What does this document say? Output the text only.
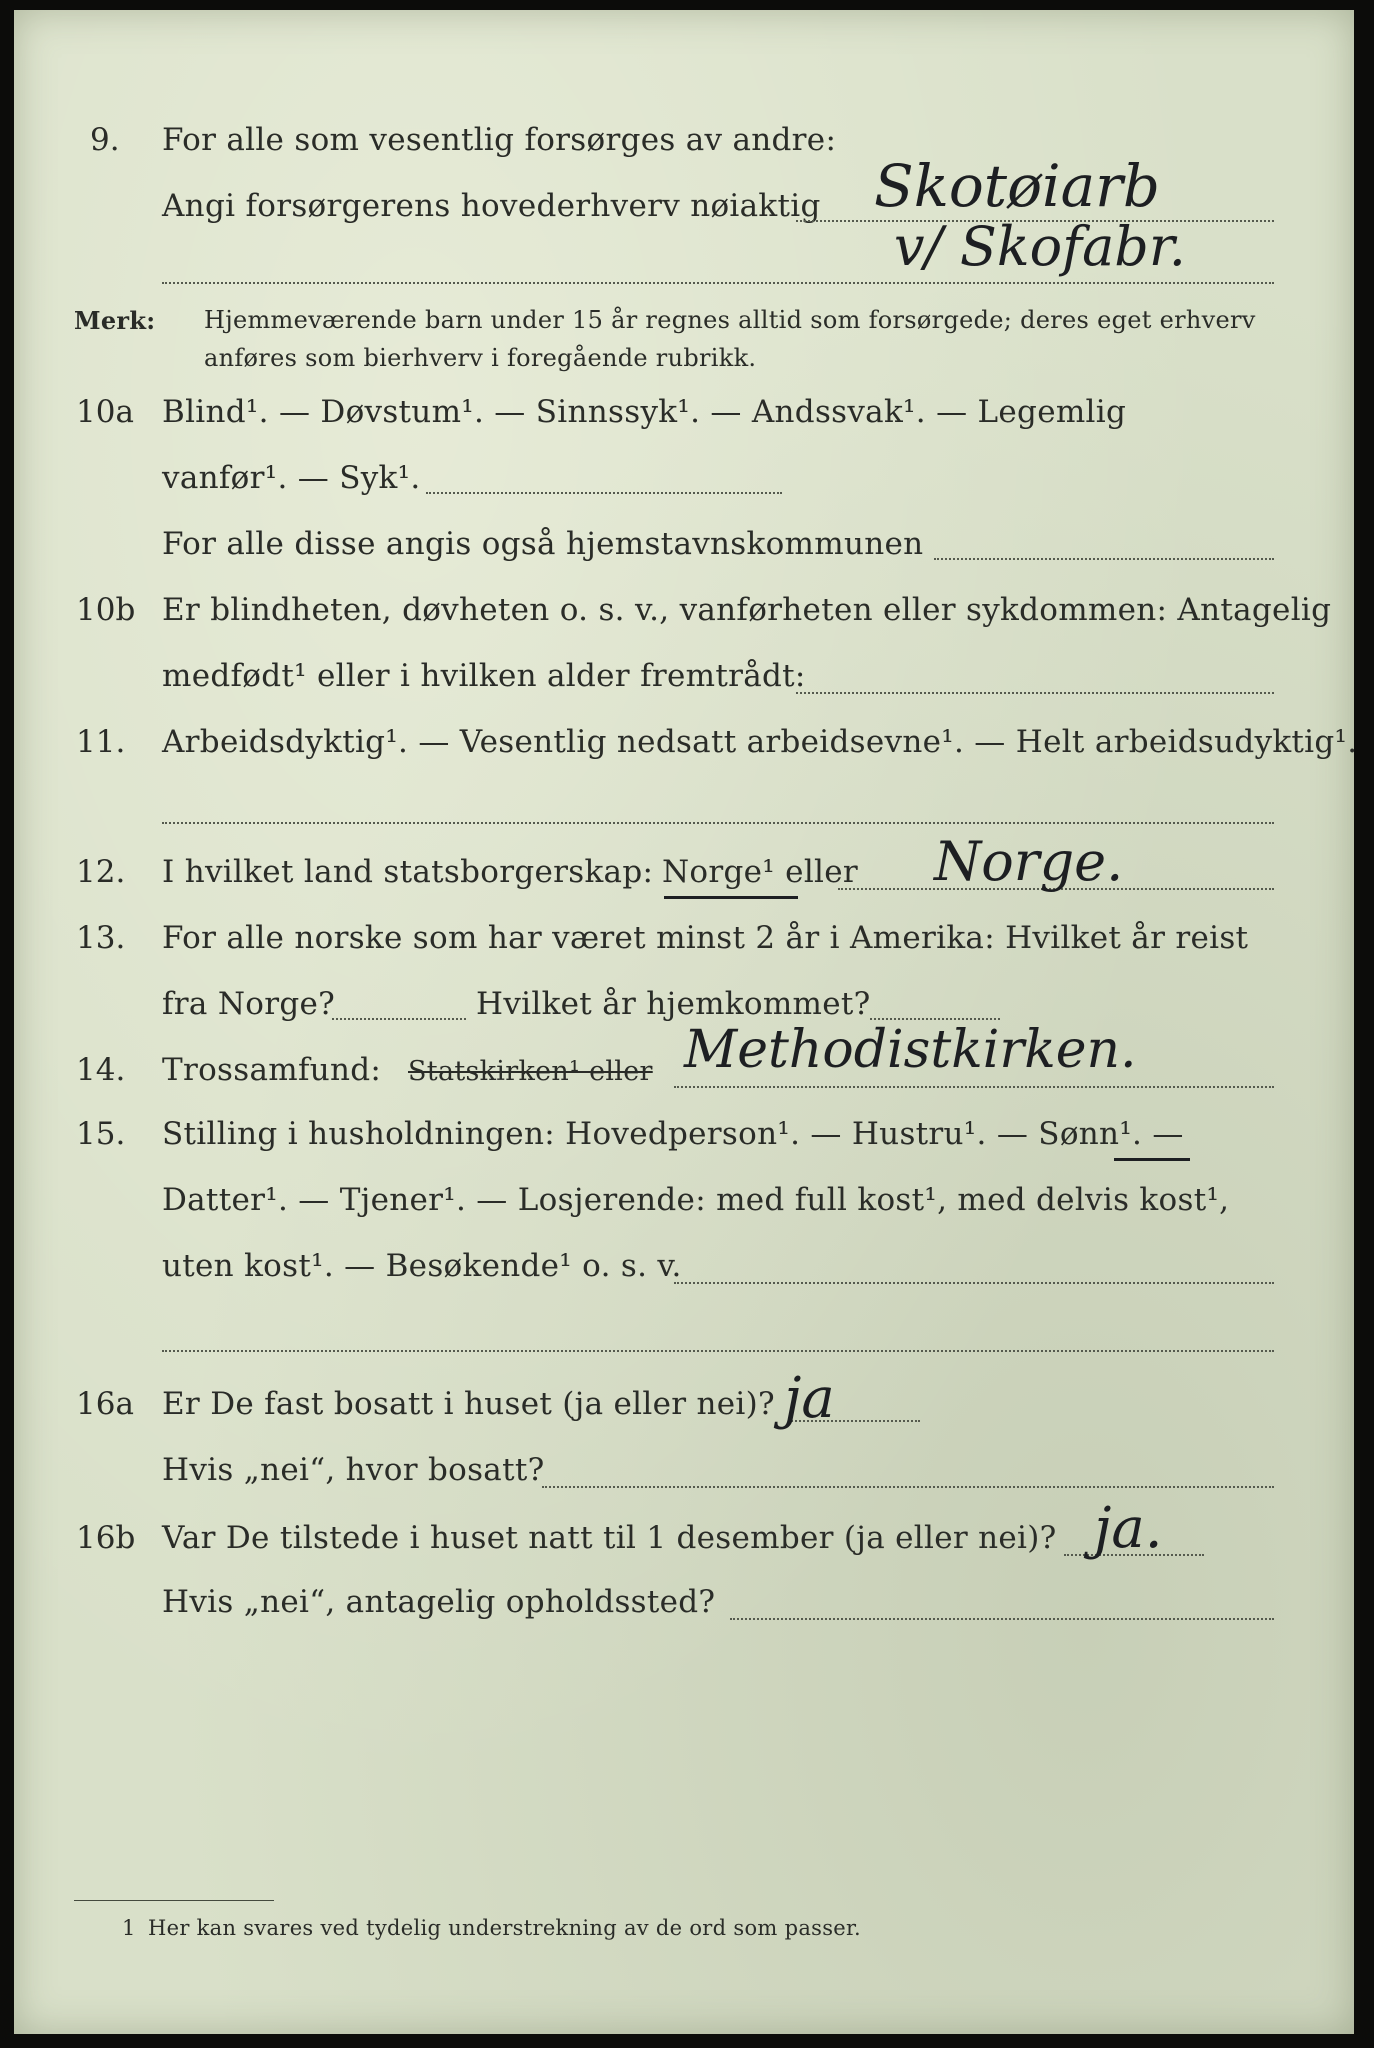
9. For alle som vesentlig forsørges av andre:
Skotøiarb
Angi forsørgerens hovederhverv nøiaktig
v/ Skofabr.
Merk: Hjemmeværende barn under 15 år regnes alltid som forsørgede; deres eget erhverv
anføres som bierhverv i foregående rubrikk.
10a Blind¹. — Døvstum¹. — Sinnssyk¹. — Andssvak¹. — Legemlig
vanfør¹. — Syk¹.
For alle disse angis også hjemstavnskommunen
10b Er blindheten, døvheten o. s. v., vanførheten eller sykdommen: Antagelig
medfødt¹ eller i hvilken alder fremtrådt:
11. Arbeidsdyktig¹. — Vesentlig nedsatt arbeidsevne¹. — Helt arbeidsudyktig¹.
12. I hvilket land statsborgerskap: Norge¹ eller Norge.
13. For alle norske som har været minst 2 år i Amerika: Hvilket år reist
fra Norge?	Hvilket år hjemkommet?
14. Trossamfund: Statskirken¹ eller Methodistkirken.
15. Stilling i husholdningen: Hovedperson¹. — Hustru¹. — Sønn¹. —
Datter¹. — Tjener¹. — Losjerende: med full kost¹, med delvis kost¹,
uten kost¹. — Besøkende¹ o. s. v.
16a Er De fast bosatt i huset (ja eller nei)? ja
Hvis „nei“, hvor bosatt?
16b Var De tilstede i huset natt til 1 desember (ja eller nei)? ja.
Hvis „nei“, antagelig opholdssted?
1 Her kan svares ved tydelig understrekning av de ord som passer.
